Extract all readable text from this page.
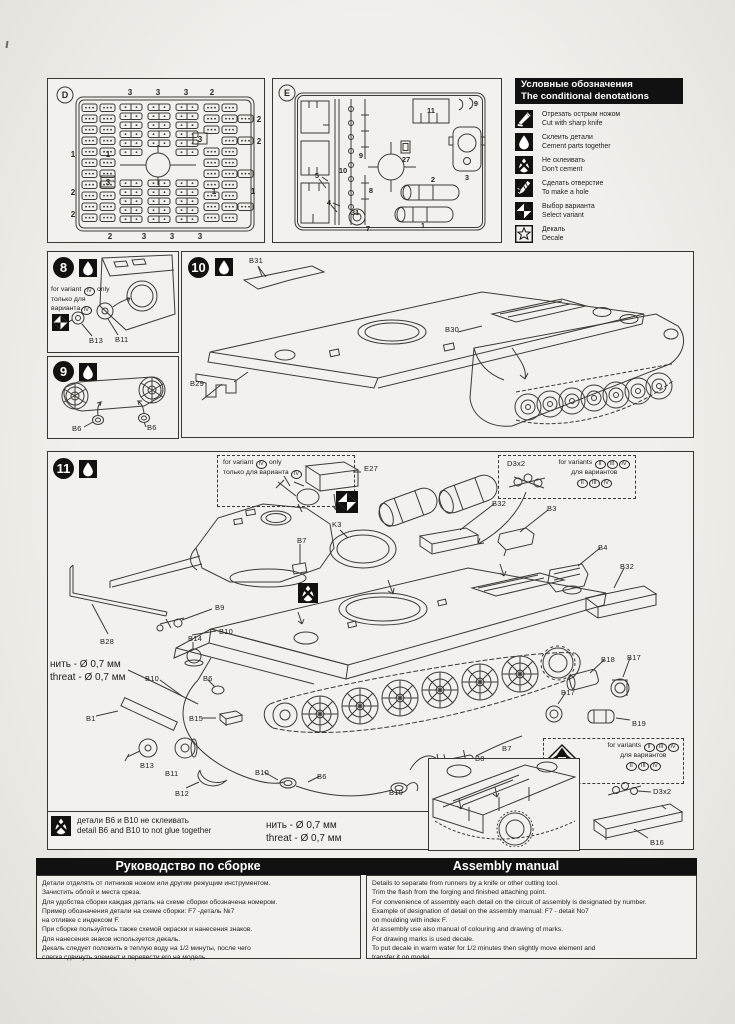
D	3	3	3	2
2
2
1	1
3
3
2
2
1	1
2	3	3	3
E
11
9
27
3
10
9
8
31
5
4
7
2
1
Условные обозначения
The conditional denotations
Отрезать острым ножом
Cut with sharp knife
Склеить детали
Cement parts together
Не склеивать
Don't cement
Сделать отверстие
To make a hole
Выбор варианта
Select variant
Декаль
Decale
8
for variant IV only
только для
варианта IV
B13 B11
9
B6	B6
10	B31
B29
B30
11	for variant IV only
только для варианта IV
for variants II III IV
для вариантов
II III IV
нить - Ø 0,7 мм
threat - Ø 0,7 мм
детали B6 и B10 не склеивать
detail B6 and B10 to not glue together	нить - Ø 0,7 мм
threat - Ø 0,7 мм
for variants II III IV
для вариантов
II III IV
E27
D3x2
B32
B3
B4
B32
K3
B7
B9
B10
B14
B10	B6
B28
B1	B15
B13
B11
B12
B10	B6
B10
B8
B7
B18 B17
B17
B19
D3x2
B16
Руководство по сборке	Assembly manual
Детали отделять от литников ножом или другим режущим инструментом.
Зачистить облой и места среза.
Для удобства сборки каждая деталь на схеме сборки обозначена номером.
Пример обозначения детали на схеме сборки: F7 -деталь №7
на отливке с индексом F.
При сборке пользуйтесь также схемой окраски и нанесения знаков.
Для нанесения знаков используется декаль.
Декаль следует положить в теплую воду на 1/2 минуты, после чего
слегка сдвинуть элемент и перевести его на модель.
Details to separate from runners by a knife or other cutting tool.
Trim the flash from the forging and finished attaching point.
For convenience of assembly each detail on the circuit of assembly is designated by number.
Example of designation of detail on the assembly manual: F7 - detail No7
on moulding with index F.
At assembly use also manual of colouring and drawing of marks.
For drawing marks is used decale.
To put decale in warm water for 1/2 minutes then slightly move element and
transfer it on model.
